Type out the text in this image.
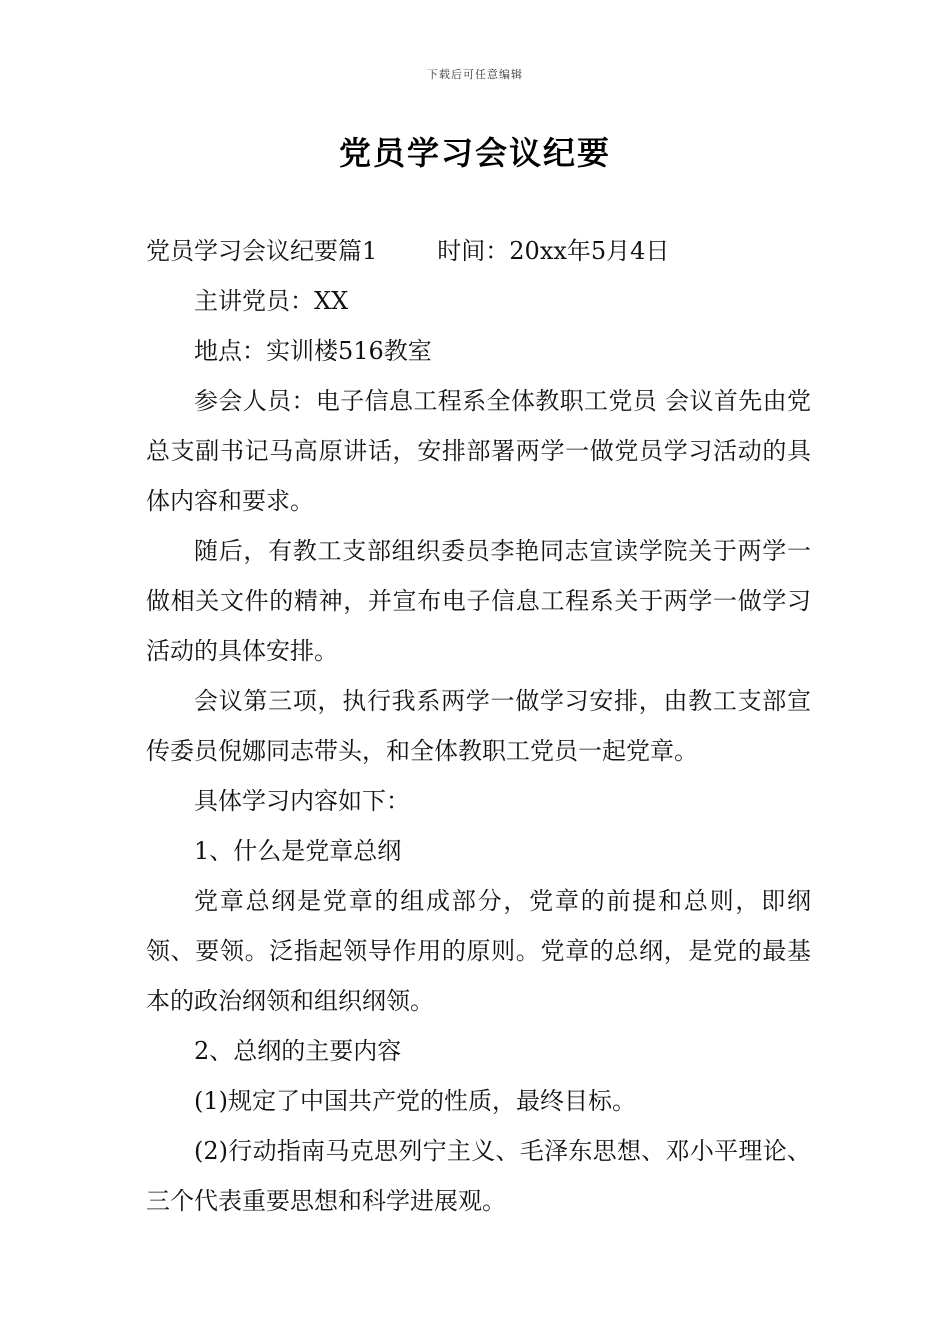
下载后可任意编辑
党员学习会议纪要

党员学习会议纪要篇1	时间：20xx年5月4日

主讲党员：XX

地点：实训楼516教室

参会人员：电子信息工程系全体教职工党员 会议首先由党总支副书记马高原讲话，安排部署两学一做党员学习活动的具体内容和要求。

随后，有教工支部组织委员李艳同志宣读学院关于两学一做相关文件的精神，并宣布电子信息工程系关于两学一做学习活动的具体安排。

会议第三项，执行我系两学一做学习安排，由教工支部宣传委员倪娜同志带头，和全体教职工党员一起党章。

具体学习内容如下：

1、什么是党章总纲

党章总纲是党章的组成部分，党章的前提和总则，即纲领、要领。泛指起领导作用的原则。党章的总纲，是党的最基本的政治纲领和组织纲领。

2、总纲的主要内容

(1)规定了中国共产党的性质，最终目标。

(2)行动指南马克思列宁主义、毛泽东思想、邓小平理论、三个代表重要思想和科学进展观。
